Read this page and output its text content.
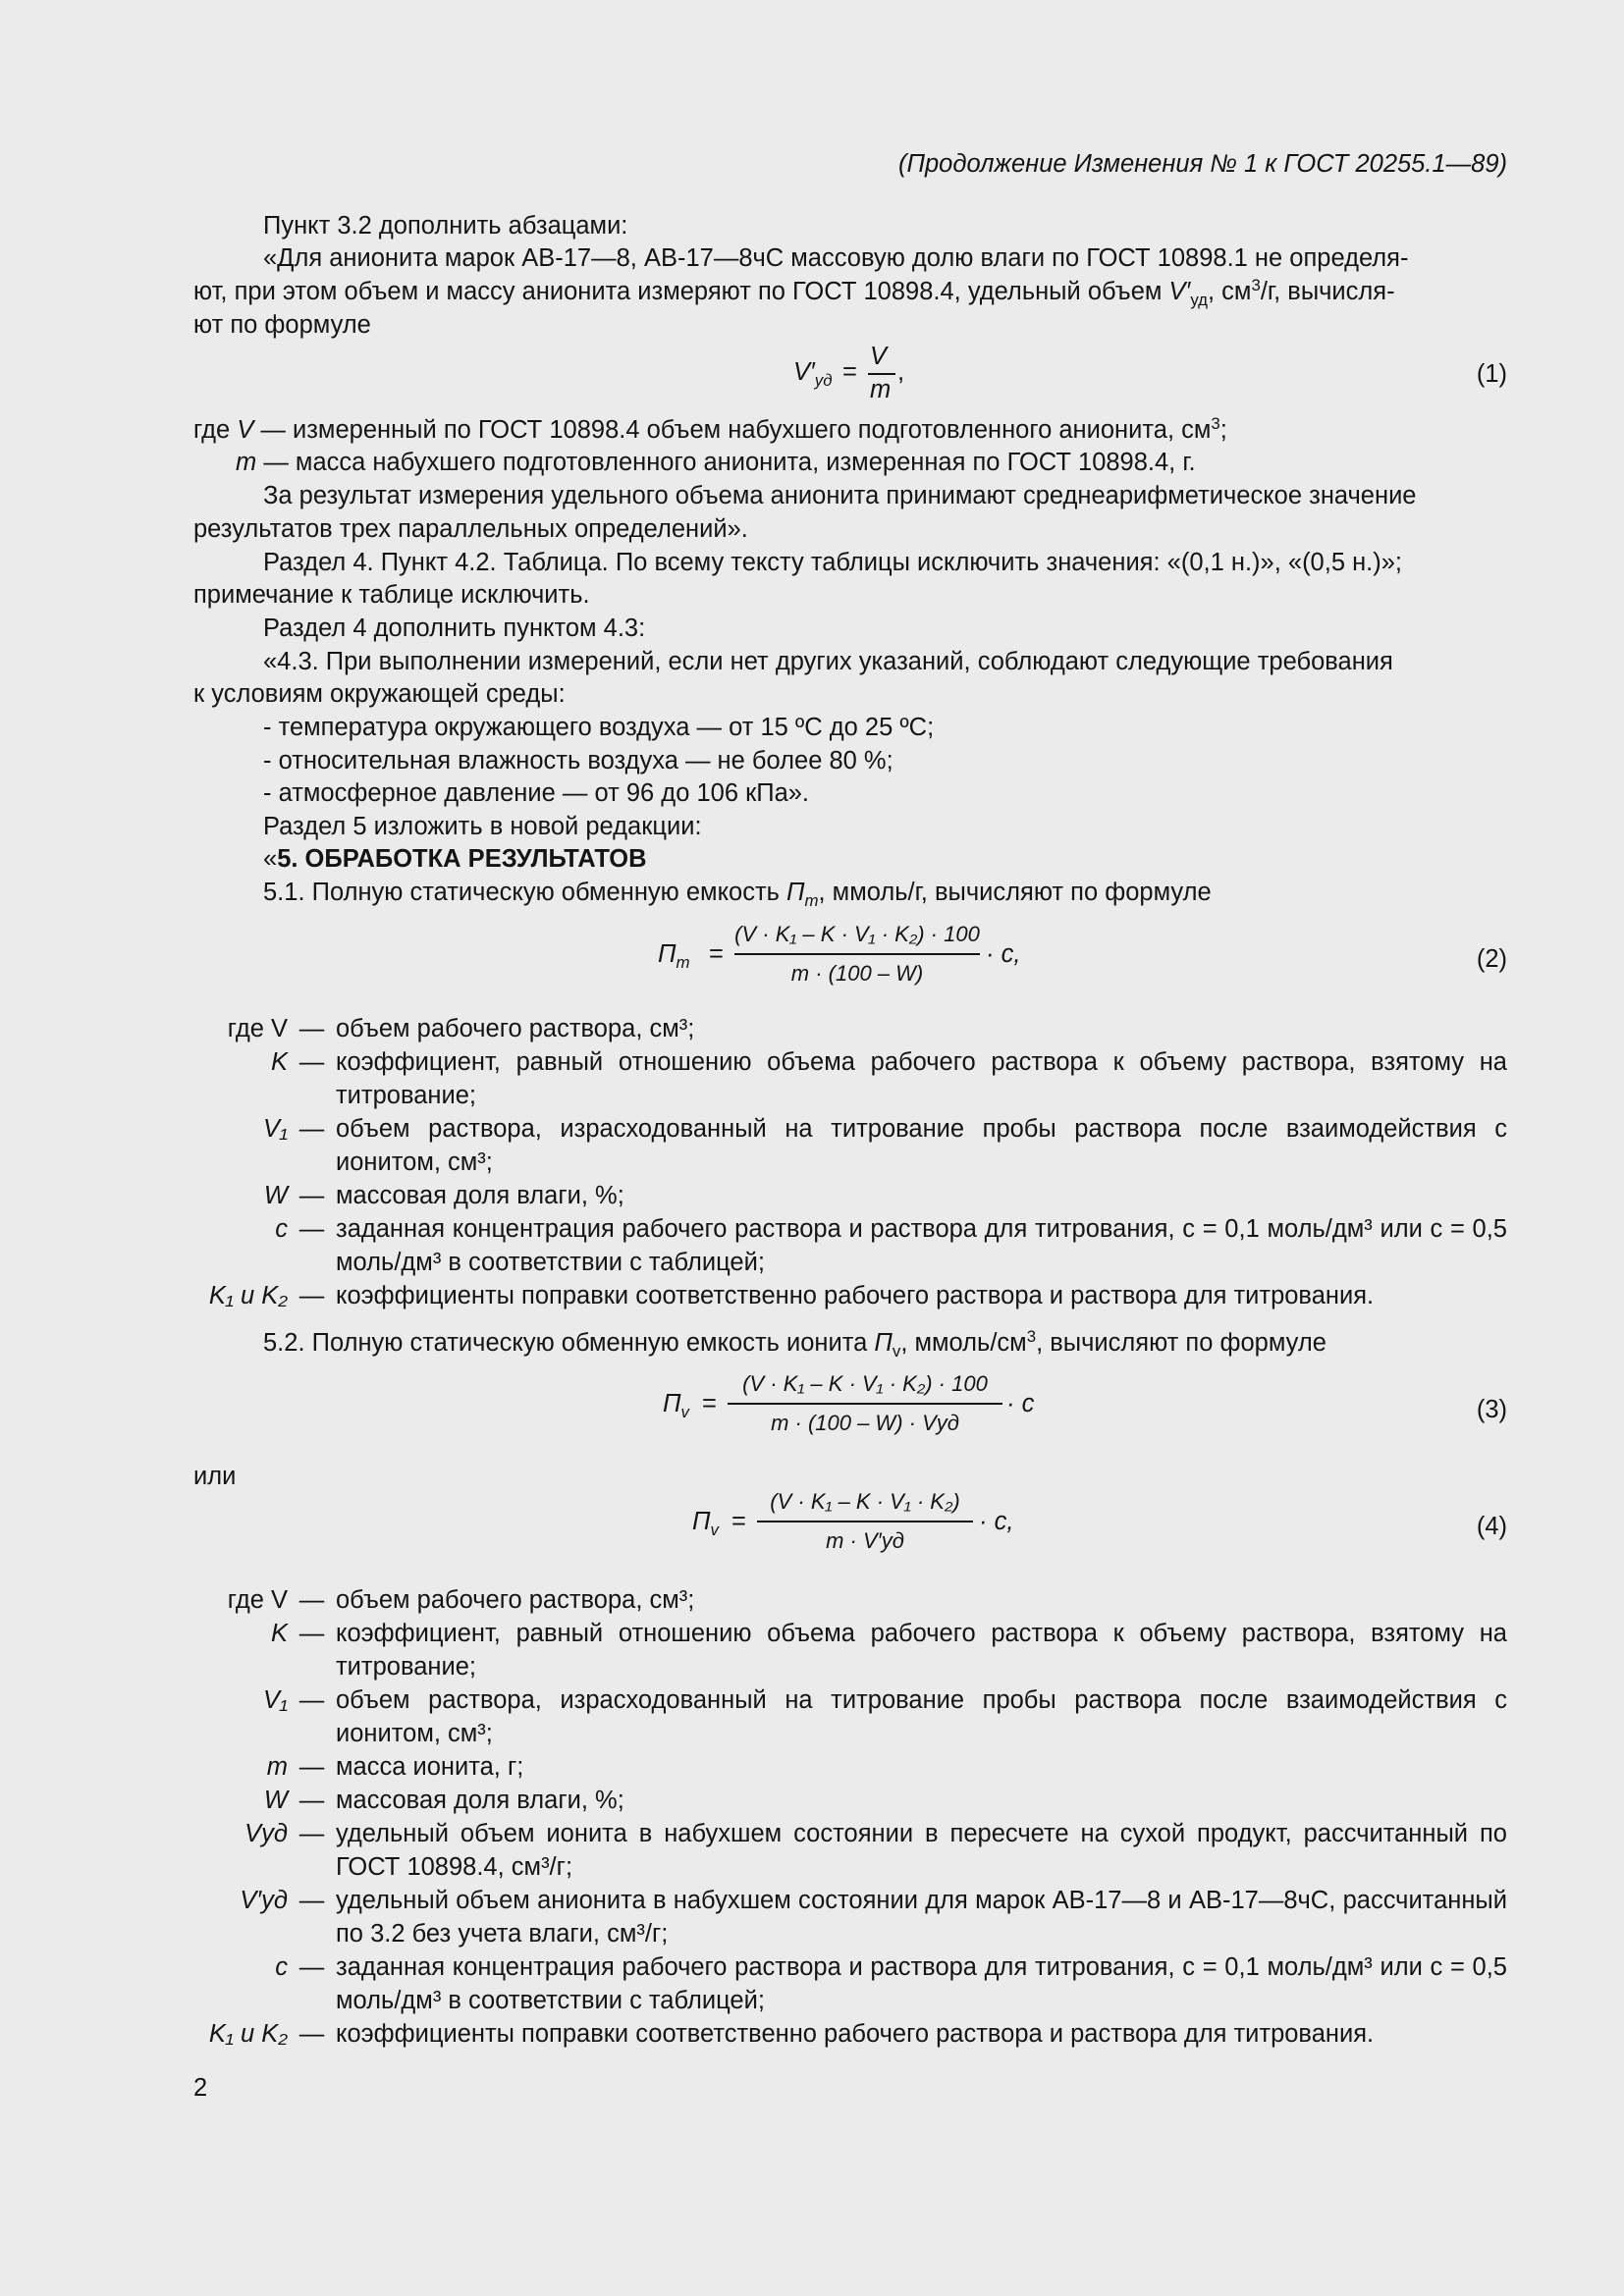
(Продолжение Изменения № 1 к ГОСТ 20255.1—89)
Пункт 3.2 дополнить абзацами:
«Для анионита марок АВ-17—8, АВ-17—8чС массовую долю влаги по ГОСТ 10898.1 не определя-
ют, при этом объем и массу анионита измеряют по ГОСТ 10898.4, удельный объем $V'_{уд}$, $см^3/г$, вычисля-
ют по формуле
$V'_{уд}$ =
V
m
,	(1)
где V — измеренный по ГОСТ 10898.4 объем набухшего подготовленного анионита, $см^3$;
m — масса набухшего подготовленного анионита, измеренная по ГОСТ 10898.4, г.
За результат измерения удельного объема анионита принимают среднеарифметическое значение
результатов трех параллельных определений».
Раздел 4. Пункт 4.2. Таблица. По всему тексту таблицы исключить значения: «(0,1 н.)», «(0,5 н.)»;
примечание к таблице исключить.
Раздел 4 дополнить пунктом 4.3:
«4.3. При выполнении измерений, если нет других указаний, соблюдают следующие требования
к условиям окружающей среды:
- температура окружающего воздуха — от 15 ºС до 25 ºС;
- относительная влажность воздуха — не более 80 %;
- атмосферное давление — от 96 до 106 кПа».
Раздел 5 изложить в новой редакции:
«5. ОБРАБОТКА РЕЗУЛЬТАТОВ
5.1. Полную статическую обменную емкость $П_m$, ммоль/г, вычисляют по формуле
$П_m$ =
(V · K₁ – K · V₁ · K₂) · 100
m · (100 – W)
· c,	(2)
где V — объем рабочего раствора, см³;
K — коэффициент, равный отношению объема рабочего раствора к объему раствора, взятому на титрование;
V₁ — объем раствора, израсходованный на титрование пробы раствора после взаимодействия с ионитом, см³;
W — массовая доля влаги, %;
c — заданная концентрация рабочего раствора и раствора для титрования, c = 0,1 моль/дм³ или c = 0,5 моль/дм³ в соответствии с таблицей;
K₁ и K₂ — коэффициенты поправки соответственно рабочего раствора и раствора для титрования.
5.2. Полную статическую обменную емкость ионита $П_v$, ммоль/$см^3$, вычисляют по формуле
$П_v$ =
(V · K₁ – K · V₁ · K₂) · 100
m · (100 – W) · Vуд
· c	(3)
или
$П_v$ =
(V · K₁ – K · V₁ · K₂)
m · V′уд
· c,	(4)
где V — объем рабочего раствора, см³;
K — коэффициент, равный отношению объема рабочего раствора к объему раствора, взятому на титрование;
V₁ — объем раствора, израсходованный на титрование пробы раствора после взаимодействия с ионитом, см³;
m — масса ионита, г;
W — массовая доля влаги, %;
Vуд — удельный объем ионита в набухшем состоянии в пересчете на сухой продукт, рассчитанный по ГОСТ 10898.4, см³/г;
V′уд — удельный объем анионита в набухшем состоянии для марок АВ-17—8 и АВ-17—8чС, рассчитанный по 3.2 без учета влаги, см³/г;
c — заданная концентрация рабочего раствора и раствора для титрования, c = 0,1 моль/дм³ или c = 0,5 моль/дм³ в соответствии с таблицей;
K₁ и K₂ — коэффициенты поправки соответственно рабочего раствора и раствора для титрования.
2
